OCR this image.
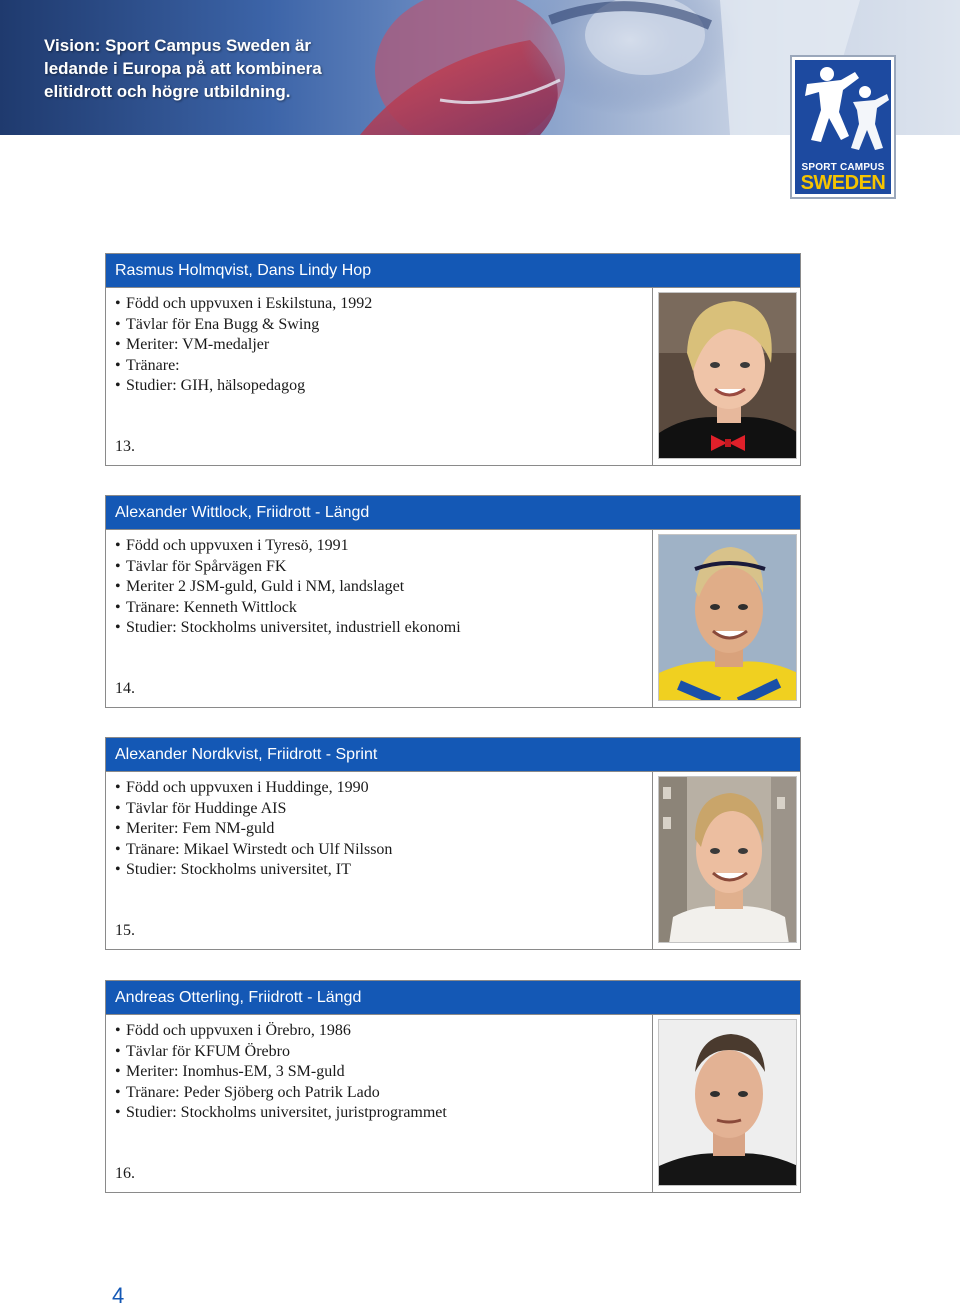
Vision: Sport Campus Sweden är
ledande i Europa på att kombinera
elitidrott och högre utbildning.
SPORT CAMPUS
SWEDEN
Rasmus Holmqvist, Dans Lindy Hop
• Född och uppvuxen i Eskilstuna, 1992
• Tävlar för Ena Bugg & Swing
• Meriter: VM-medaljer
• Tränare:
• Studier: GIH, hälsopedagog
13.
Alexander Wittlock, Friidrott - Längd
• Född och uppvuxen i Tyresö, 1991
• Tävlar för Spårvägen FK
• Meriter 2 JSM-guld, Guld i NM, landslaget
• Tränare: Kenneth Wittlock
• Studier: Stockholms universitet, industriell ekonomi
14.
Alexander Nordkvist, Friidrott - Sprint
• Född och uppvuxen i Huddinge, 1990
• Tävlar för Huddinge AIS
• Meriter: Fem NM-guld
• Tränare: Mikael Wirstedt och Ulf Nilsson
• Studier: Stockholms universitet, IT
15.
Andreas Otterling, Friidrott - Längd
• Född och uppvuxen i Örebro, 1986
• Tävlar för KFUM Örebro
• Meriter: Inomhus-EM, 3 SM-guld
• Tränare: Peder Sjöberg och Patrik Lado
• Studier: Stockholms universitet, juristprogrammet
16.
4
